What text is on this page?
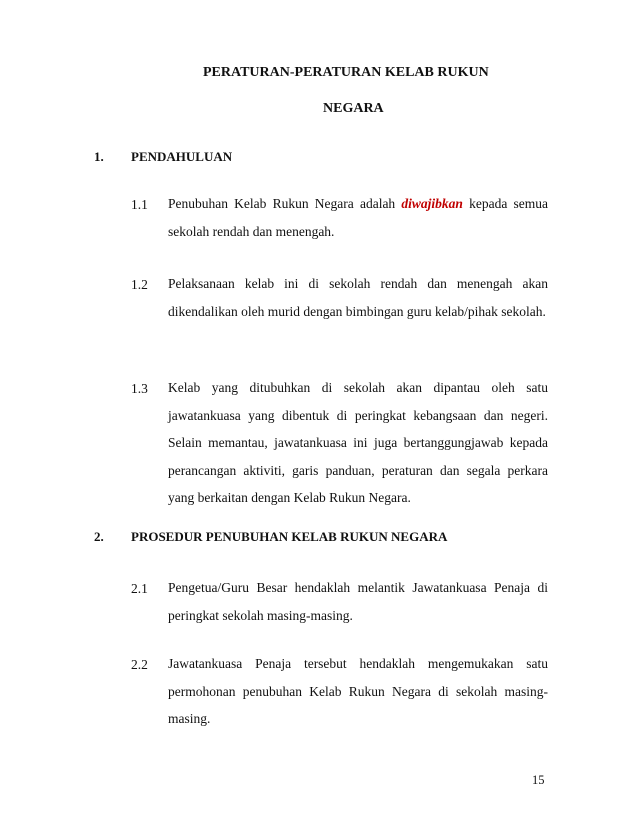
PERATURAN-PERATURAN KELAB RUKUN
NEGARA
1. PENDAHULUAN
1.1 Penubuhan Kelab Rukun Negara adalah diwajibkan kepada semua sekolah rendah dan menengah.
1.2 Pelaksanaan kelab ini di sekolah rendah dan menengah akan dikendalikan oleh murid dengan bimbingan guru kelab/pihak sekolah.
1.3 Kelab yang ditubuhkan di sekolah akan dipantau oleh satu jawatankuasa yang dibentuk di peringkat kebangsaan dan negeri. Selain memantau, jawatankuasa ini juga bertanggungjawab kepada perancangan aktiviti, garis panduan, peraturan dan segala perkara yang berkaitan dengan Kelab Rukun Negara.
2. PROSEDUR PENUBUHAN KELAB RUKUN NEGARA
2.1 Pengetua/Guru Besar hendaklah melantik Jawatankuasa Penaja di peringkat sekolah masing-masing.
2.2 Jawatankuasa Penaja tersebut hendaklah mengemukakan satu permohonan penubuhan Kelab Rukun Negara di sekolah masing-masing.
15
